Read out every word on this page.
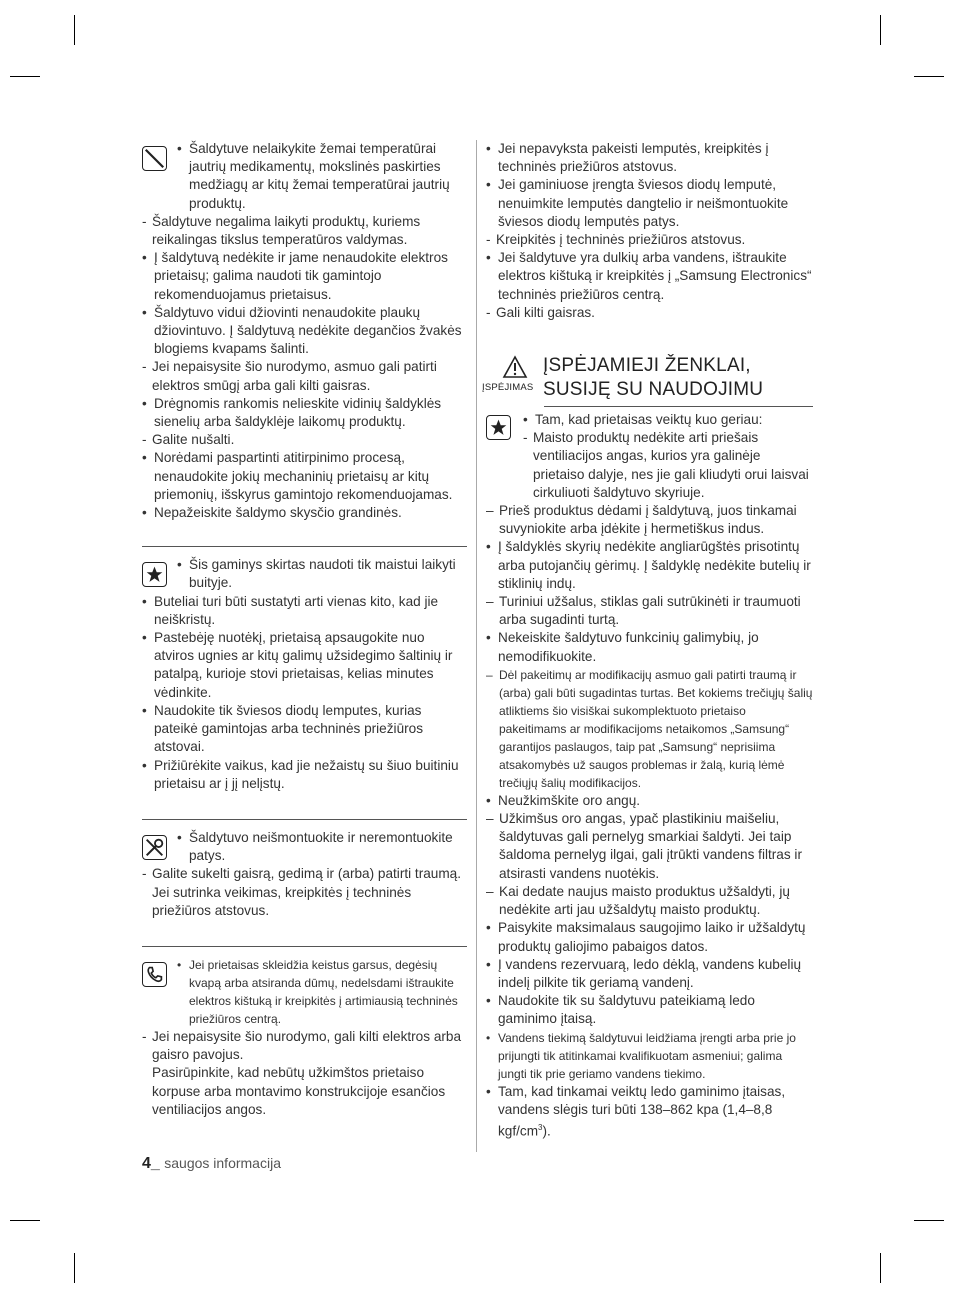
• Šaldytuve nelaikykite žemai temperatūrai jautrių medikamentų, mokslinės paskirties medžiagų ar kitų žemai temperatūrai jautrių produktų.
- Šaldytuve negalima laikyti produktų, kuriems reikalingas tikslus temperatūros valdymas.
• Į šaldytuvą nedėkite ir jame nenaudokite elektros prietaisų; galima naudoti tik gamintojo rekomenduojamus prietaisus.
• Šaldytuvo vidui džiovinti nenaudokite plaukų džiovintuvo. Į šaldytuvą nedėkite degančios žvakės blogiems kvapams šalinti.
- Jei nepaisysite šio nurodymo, asmuo gali patirti elektros smūgį arba gali kilti gaisras.
• Drėgnomis rankomis nelieskite vidinių šaldyklės sienelių arba šaldyklėje laikomų produktų.
- Galite nušalti.
• Norėdami paspartinti atitirpinimo procesą, nenaudokite jokių mechaninių prietaisų ar kitų priemonių, išskyrus gamintojo rekomenduojamas.
• Nepažeiskite šaldymo skysčio grandinės.
• Šis gaminys skirtas naudoti tik maistui laikyti buityje.
• Buteliai turi būti sustatyti arti vienas kito, kad jie neiškristų.
• Pastebėję nuotėkį, prietaisą apsaugokite nuo atviros ugnies ar kitų galimų užsidegimo šaltinių ir patalpą, kurioje stovi prietaisas, kelias minutes vėdinkite.
• Naudokite tik šviesos diodų lemputes, kurias pateikė gamintojas arba techninės priežiūros atstovai.
• Prižiūrėkite vaikus, kad jie nežaistų su šiuo buitiniu prietaisu ar į jį nelįstų.
• Šaldytuvo neišmontuokite ir neremontuokite patys.
- Galite sukelti gaisrą, gedimą ir (arba) patirti traumą. Jei sutrinka veikimas, kreipkitės į techninės priežiūros atstovus.
• Jei prietaisas skleidžia keistus garsus, degėsių kvapą arba atsiranda dūmų, nedelsdami ištraukite elektros kištuką ir kreipkitės į artimiausią techninės priežiūros centrą.
- Jei nepaisysite šio nurodymo, gali kilti elektros arba gaisro pavojus.
Pasirūpinkite, kad nebūtų užkimštos prietaiso korpuse arba montavimo konstrukcijoje esančios ventiliacijos angos.
• Jei nepavyksta pakeisti lemputės, kreipkitės į techninės priežiūros atstovus.
• Jei gaminiuose įrengta šviesos diodų lemputė, nenuimkite lemputės dangtelio ir neišmontuokite šviesos diodų lemputės patys.
- Kreipkitės į techninės priežiūros atstovus.
• Jei šaldytuve yra dulkių arba vandens, ištraukite elektros kištuką ir kreipkitės į „Samsung Electronics“ techninės priežiūros centrą.
- Gali kilti gaisras.
ĮSPĖJIMAS
ĮSPĖJAMIEJI ŽENKLAI,
SUSIJĘ SU NAUDOJIMU
• Tam, kad prietaisas veiktų kuo geriau:
- Maisto produktų nedėkite arti priešais ventiliacijos angas, kurios yra galinėje prietaiso dalyje, nes jie gali kliudyti orui laisvai cirkuliuoti šaldytuvo skyriuje.
– Prieš produktus dėdami į šaldytuvą, juos tinkamai suvyniokite arba įdėkite į hermetiškus indus.
• Į šaldyklės skyrių nedėkite angliarūgštės prisotintų arba putojančių gėrimų. Į šaldyklę nedėkite butelių ir stiklinių indų.
– Turiniui užšalus, stiklas gali sutrūkinėti ir traumuoti arba sugadinti turtą.
• Nekeiskite šaldytuvo funkcinių galimybių, jo nemodifikuokite.
– Dėl pakeitimų ar modifikacijų asmuo gali patirti traumą ir (arba) gali būti sugadintas turtas. Bet kokiems trečiųjų šalių atliktiems šio visiškai sukomplektuoto prietaiso pakeitimams ar modifikacijoms netaikomos „Samsung“ garantijos paslaugos, taip pat „Samsung“ neprisiima atsakomybės už saugos problemas ir žalą, kurią lėmė trečiųjų šalių modifikacijos.
• Neužkimškite oro angų.
– Užkimšus oro angas, ypač plastikiniu maišeliu, šaldytuvas gali pernelyg smarkiai šaldyti. Jei taip šaldoma pernelyg ilgai, gali įtrūkti vandens filtras ir atsirasti vandens nuotėkis.
– Kai dedate naujus maisto produktus užšaldyti, jų nedėkite arti jau užšaldytų maisto produktų.
• Paisykite maksimalaus saugojimo laiko ir užšaldytų produktų galiojimo pabaigos datos.
• Į vandens rezervuarą, ledo dėklą, vandens kubelių indelį pilkite tik geriamą vandenį.
• Naudokite tik su šaldytuvu pateikiamą ledo gaminimo įtaisą.
• Vandens tiekimą šaldytuvui leidžiama įrengti arba prie jo prijungti tik atitinkamai kvalifikuotam asmeniui; galima jungti tik prie geriamo vandens tiekimo.
• Tam, kad tinkamai veiktų ledo gaminimo įtaisas, vandens slėgis turi būti 138–862 kpa (1,4–8,8 kgf/$cm^3$).
4_ saugos informacija
